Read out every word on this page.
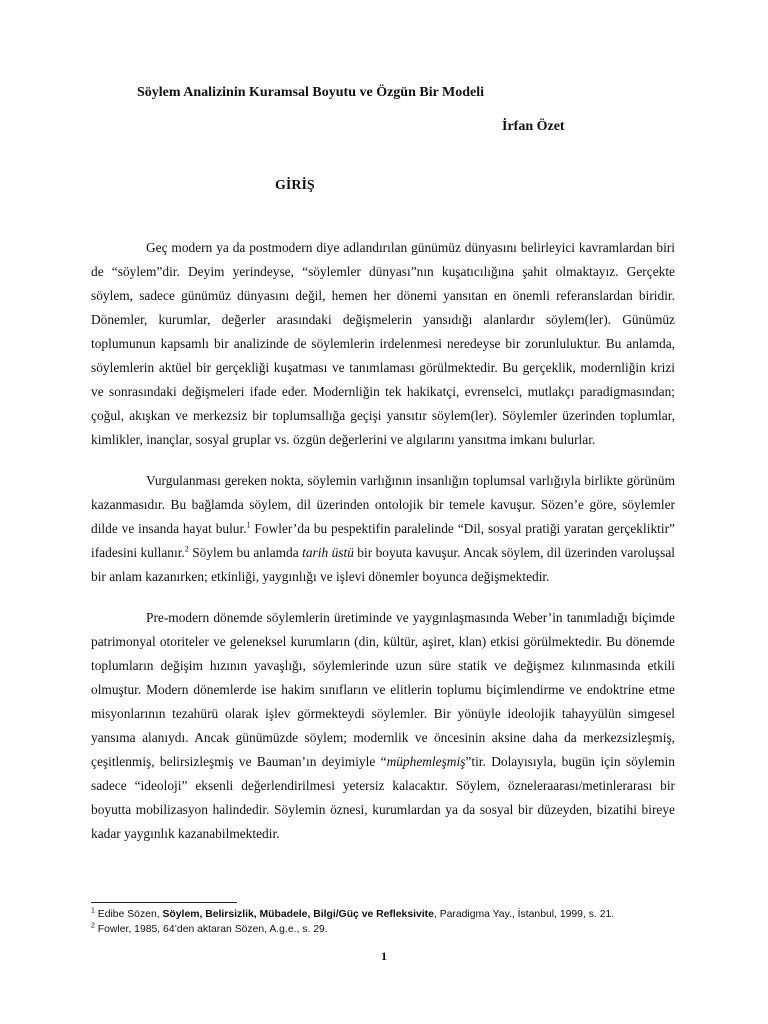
Söylem Analizinin Kuramsal Boyutu ve Özgün Bir Modeli
İrfan Özet
GİRİŞ

Geç modern ya da postmodern diye adlandırılan günümüz dünyasını belirleyici kavramlardan biri de “söylem”dir. Deyim yerindeyse, “söylemler dünyası”nın kuşatıcılığına şahit olmaktayız. Gerçekte söylem, sadece günümüz dünyasını değil, hemen her dönemi yansıtan en önemli referanslardan biridir. Dönemler, kurumlar, değerler arasındaki değişmelerin yansıdığı alanlardır söylem(ler). Günümüz toplumunun kapsamlı bir analizinde de söylemlerin irdelenmesi neredeyse bir zorunluluktur. Bu anlamda, söylemlerin aktüel bir gerçekliği kuşatması ve tanımlaması görülmektedir. Bu gerçeklik, modernliğin krizi ve sonrasındaki değişmeleri ifade eder. Modernliğin tek hakikatçi, evrenselci, mutlakçı paradigmasından; çoğul, akışkan ve merkezsiz bir toplumsallığa geçişi yansıtır söylem(ler). Söylemler üzerinden toplumlar, kimlikler, inançlar, sosyal gruplar vs. özgün değerlerini ve algılarını yansıtma imkanı bulurlar.

Vurgulanması gereken nokta, söylemin varlığının insanlığın toplumsal varlığıyla birlikte görünüm kazanmasıdır. Bu bağlamda söylem, dil üzerinden ontolojik bir temele kavuşur. Sözen’e göre, söylemler dilde ve insanda hayat bulur.$^1$ Fowler’da bu pespektifin paralelinde “Dil, sosyal pratiği yaratan gerçekliktir” ifadesini kullanır.$^2$ Söylem bu anlamda tarih üstü bir boyuta kavuşur. Ancak söylem, dil üzerinden varoluşsal bir anlam kazanırken; etkinliği, yaygınlığı ve işlevi dönemler boyunca değişmektedir.

Pre-modern dönemde söylemlerin üretiminde ve yaygınlaşmasında Weber’in tanımladığı biçimde patrimonyal otoriteler ve geleneksel kurumların (din, kültür, aşiret, klan) etkisi görülmektedir. Bu dönemde toplumların değişim hızının yavaşlığı, söylemlerinde uzun süre statik ve değişmez kılınmasında etkili olmuştur. Modern dönemlerde ise hakim sınıfların ve elitlerin toplumu biçimlendirme ve endoktrine etme misyonlarının tezahürü olarak işlev görmekteydi söylemler. Bir yönüyle ideolojik tahayyülün simgesel yansıma alanıydı. Ancak günümüzde söylem; modernlik ve öncesinin aksine daha da merkezsizleşmiş, çeşitlenmiş, belirsizleşmiş ve Bauman’ın deyimiyle “müphemleşmiş”tir. Dolayısıyla, bugün için söylemin sadece “ideoloji” eksenli değerlendirilmesi yetersiz kalacaktır. Söylem, özneleraarası/metinlerarası bir boyutta mobilizasyon halindedir. Söylemin öznesi, kurumlardan ya da sosyal bir düzeyden, bizatihi bireye kadar yaygınlık kazanabilmektedir.

$^1$ Edibe Sözen, Söylem, Belirsizlik, Mübadele, Bilgi/Güç ve Refleksivite, Paradigma Yay., İstanbul, 1999, s. 21.
$^2$ Fowler, 1985, 64’den aktaran Sözen, A.g.e., s. 29.
1
